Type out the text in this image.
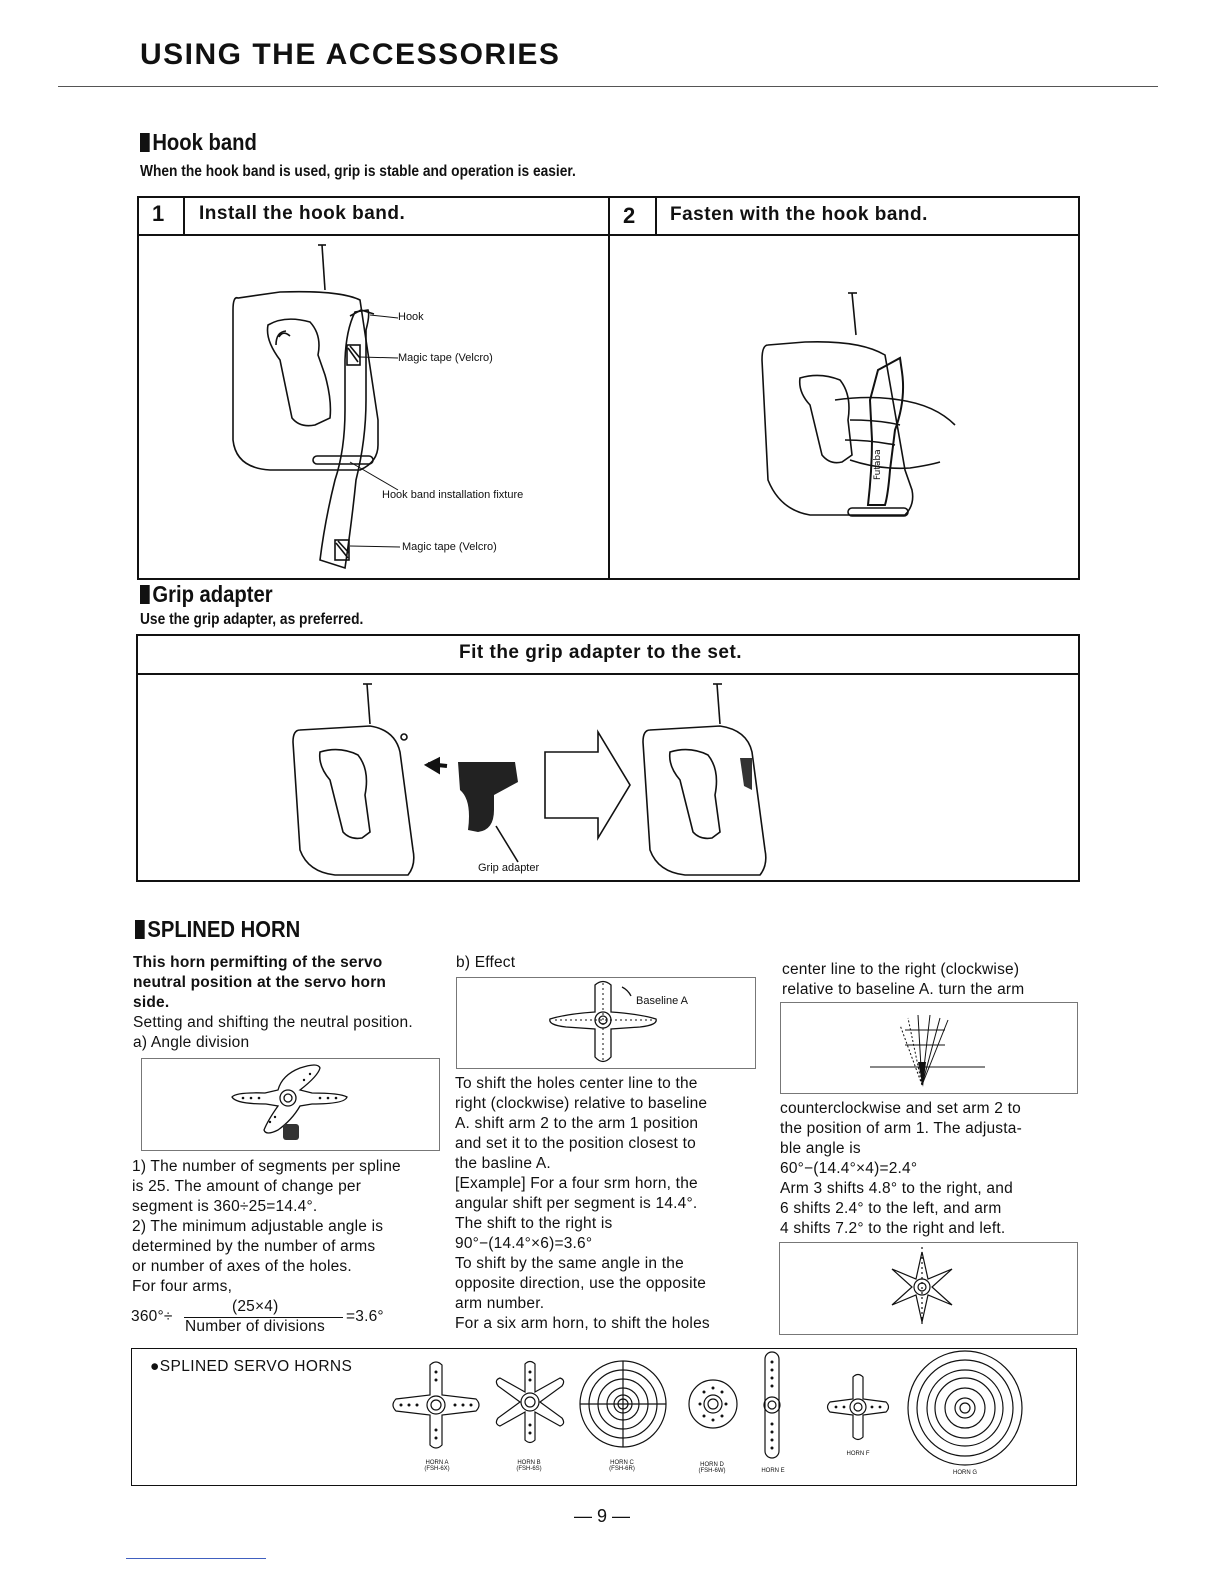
USING THE ACCESSORIES
Hook band
When the hook band is used, grip is stable and operation is easier.
1 Install the hook band.	2 Fasten with the hook band.
Futaba
Hook
Magic tape (Velcro)
Hook band installation fixture
Magic tape (Velcro)
Grip adapter
Use the grip adapter, as preferred.
Fit the grip adapter to the set.
Grip adapter
SPLINED HORN
This horn permifting of the servo
neutral position at the servo horn
side.
Setting and shifting the neutral position.
a) Angle division
1) The number of segments per spline
is 25. The amount of change per
segment is 360÷25=14.4°.
2) The minimum adjustable angle is
determined by the number of arms
or number of axes of the holes.
For four arms,
360°÷
(25×4)
Number of divisions
=3.6°
b) Effect
Baseline A
To shift the holes center line to the
right (clockwise) relative to baseline
A. shift arm 2 to the arm 1 position
and set it to the position closest to
the basline A.
[Example] For a four srm horn, the
angular shift per segment is 14.4°.
The shift to the right is
90°−(14.4°×6)=3.6°
To shift by the same angle in the
opposite direction, use the opposite
arm number.
For a six arm horn, to shift the holes
center line to the right (clockwise)
relative to baseline A. turn the arm
counterclockwise and set arm 2 to
the position of arm 1. The adjusta-
ble angle is
60°−(14.4°×4)=2.4°
Arm 3 shifts 4.8° to the right, and
6 shifts 2.4° to the left, and arm
4 shifts 7.2° to the right and left.
●SPLINED SERVO HORNS
HORN A
(FSH-6X)
HORN B
(FSH-6S)
HORN C
(FSH-6R)
HORN D
(FSH-6W)	HORN E
HORN F
HORN G
— 9 —
